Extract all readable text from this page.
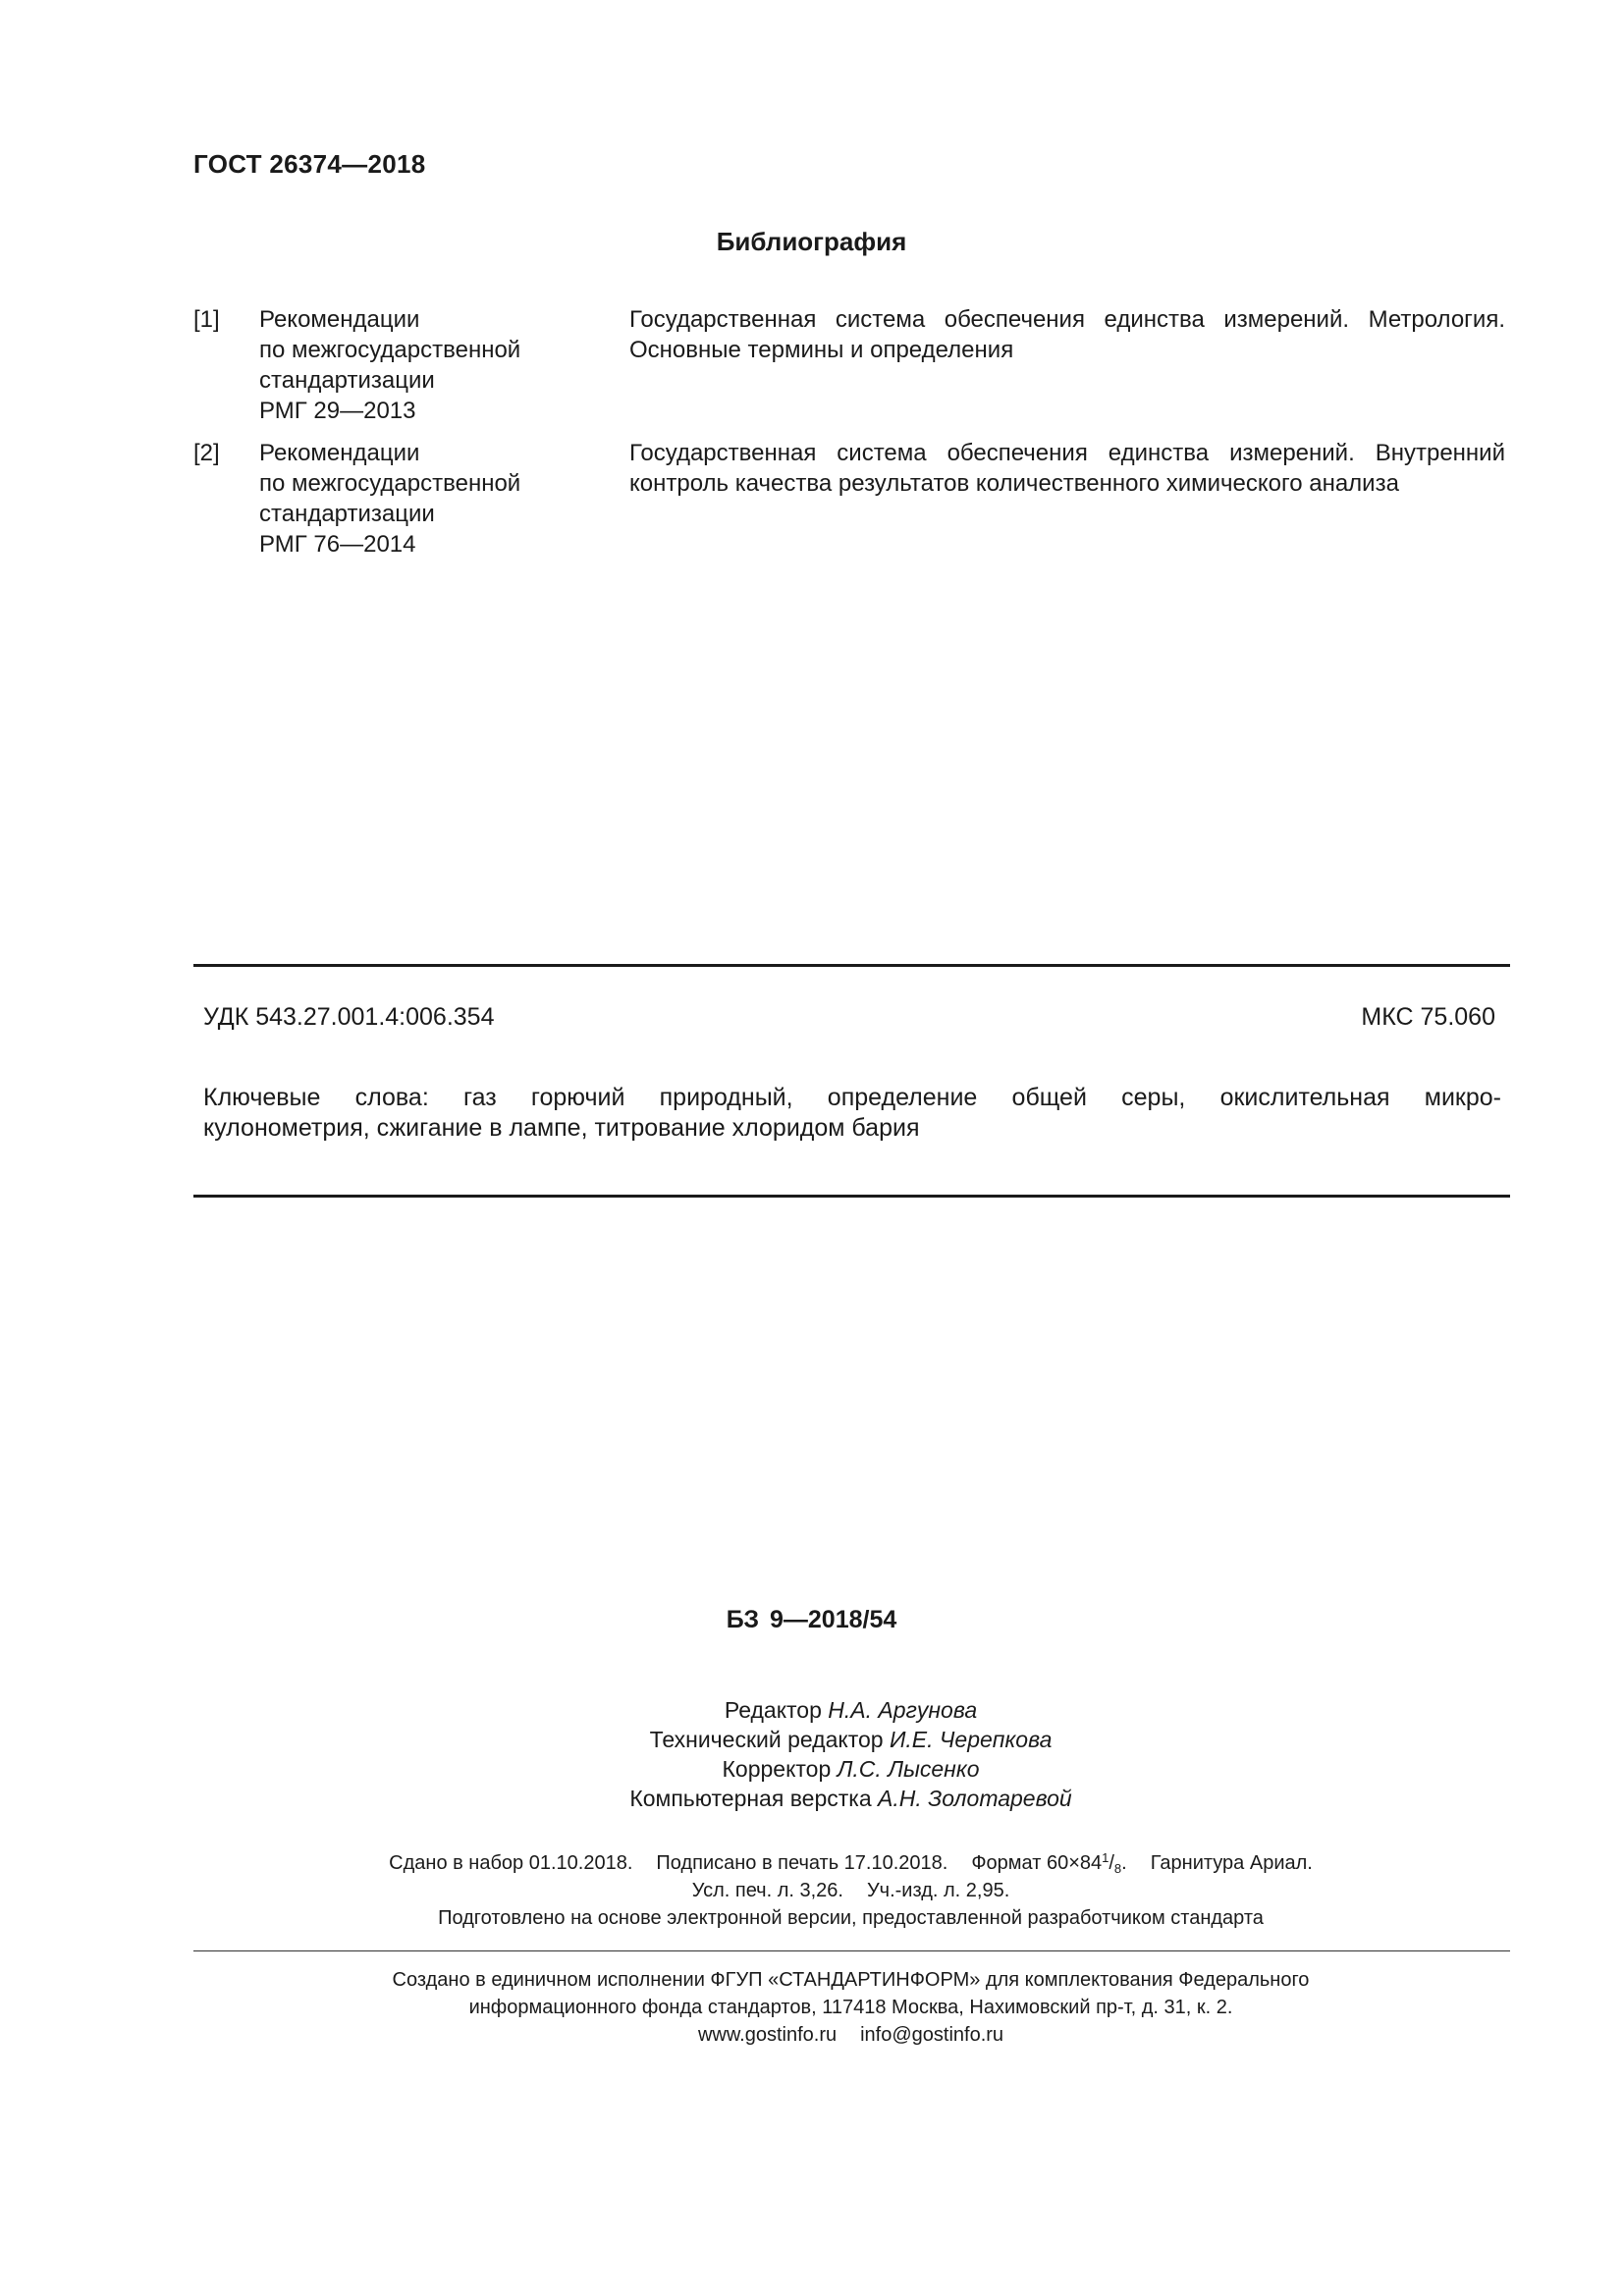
ГОСТ 26374—2018
Библиография
[1] Рекомендации
по межгосударственной
стандартизации
РМГ 29—2013
Государственная система обеспечения единства измерений. Метрология.
Основные термины и определения
[2] Рекомендации
по межгосударственной
стандартизации
РМГ 76—2014
Государственная система обеспечения единства измерений. Внутренний
контроль качества результатов количественного химического анализа
УДК 543.27.001.4:006.354	МКС 75.060
Ключевые слова: газ горючий природный, определение общей серы, окислительная микро-
кулонометрия, сжигание в лампе, титрование хлоридом бария
БЗ 9—2018/54
Редактор Н.А. Аргунова
Технический редактор И.Е. Черепкова
Корректор Л.С. Лысенко
Компьютерная верстка А.Н. Золотаревой
Сдано в набор 01.10.2018. Подписано в печать 17.10.2018. Формат $60\times 84^1/_8$. Гарнитура Ариал.
Усл. печ. л. 3,26. Уч.-изд. л. 2,95.
Подготовлено на основе электронной версии, предоставленной разработчиком стандарта
Создано в единичном исполнении ФГУП «СТАНДАРТИНФОРМ» для комплектования Федерального
информационного фонда стандартов, 117418 Москва, Нахимовский пр-т, д. 31, к. 2.
www.gostinfo.ru info@gostinfo.ru
